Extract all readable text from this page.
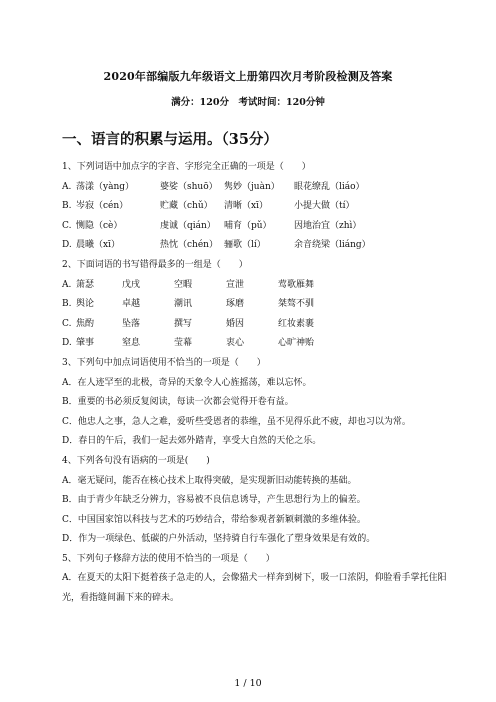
2020年部编版九年级语文上册第四次月考阶段检测及答案
满分：120分　考试时间：120分钟
一、语言的积累与运用。（35分）
1、下列词语中加点字的字音、字形完全正确的一项是（　　）
A. 荡漾（yàng）	婆娑（shuō） 隽妙（juàn）	眼花缭乱（liáo）
B. 岑寂（cén）	贮藏（chǔ）	清晰（xī）	小提大做（tí）
C. 恻隐（cè）	虔诚（qián） 哺育（pǔ）	因地治宜（zhì）
D. 晨曦（xī）	热忱（chén） 骊歌（lí）	余音绕梁（liáng）
2、下面词语的书写错得最多的一组是（　　）
A. 箫瑟	戊戌	空暇	宣泄	莺歌雁舞
B. 舆论	卓越	潮讯	琢磨	桀骜不驯
C. 焦酌	坠落	撰写	婚因	红妆素裹
D. 肇事	窒息	莹幕	衷心	心旷神贻
3、下列句中加点词语使用不恰当的一项是（　　）
A．在人迹罕至的北极，奇异的天象令人心旌摇荡，难以忘怀。
B．重要的书必须反复阅读，每读一次都会觉得开卷有益。
C．他忠人之事，急人之难，爱听些受恩者的恭维，虽不见得乐此不疲，却也习以为常。
D．春日的午后，我们一起去郊外踏青，享受大自然的天伦之乐。
4、下列各句没有语病的一项是(　　)
A．毫无疑问，能否在核心技术上取得突破，是实现新旧动能转换的基础。
B．由于青少年缺乏分辨力，容易被不良信息诱导，产生思想行为上的偏差。
C．中国国家馆以科技与艺术的巧妙结合，带给参观者新颖刺激的多维体验。
D．作为一项绿色、低碳的户外活动，坚持骑自行车强化了塑身效果是有效的。
5、下列句子修辞方法的使用不恰当的一项是（　　）
A．在夏天的太阳下挺着孩子急走的人，会像猫犬一样奔到树下，吸一口浓阴，仰脸看手掌托住阳光，看指缝间漏下来的碎未。
1 / 10
